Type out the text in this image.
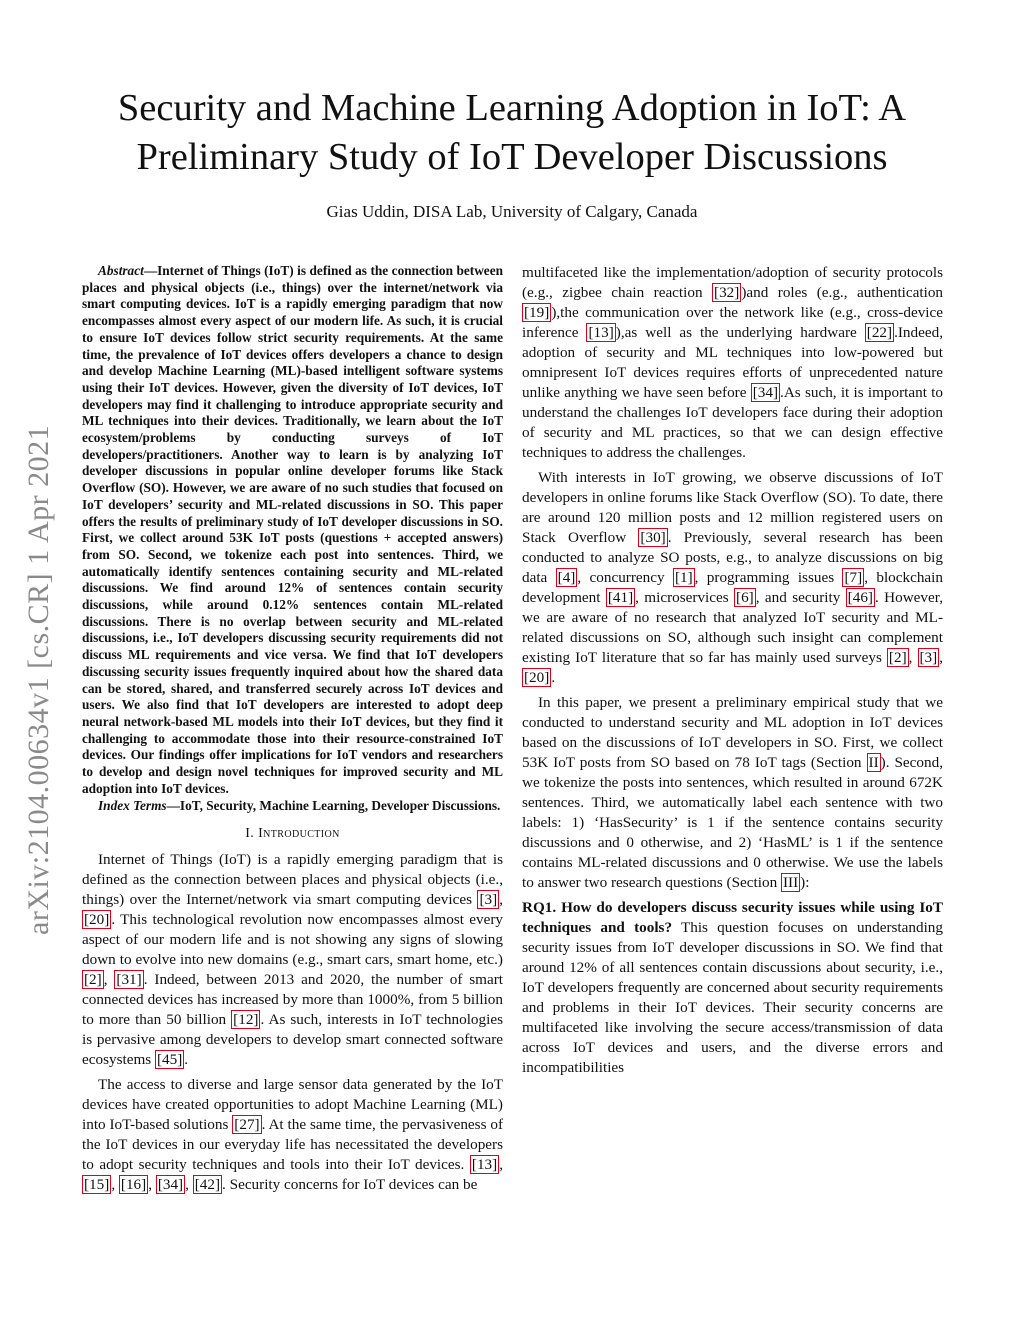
arXiv:2104.00634v1 [cs.CR] 1 Apr 2021
Security and Machine Learning Adoption in IoT: A
Preliminary Study of IoT Developer Discussions
Gias Uddin, DISA Lab, University of Calgary, Canada

Abstract—Internet of Things (IoT) is defined as the connection between places and physical objects (i.e., things) over the internet/network via smart computing devices. IoT is a rapidly emerging paradigm that now encompasses almost every aspect of our modern life. As such, it is crucial to ensure IoT devices follow strict security requirements. At the same time, the prevalence of IoT devices offers developers a chance to design and develop Machine Learning (ML)-based intelligent software systems using their IoT devices. However, given the diversity of IoT devices, IoT developers may find it challenging to introduce appropriate security and ML techniques into their devices. Traditionally, we learn about the IoT ecosystem/problems by conducting surveys of IoT developers/practitioners. Another way to learn is by analyzing IoT developer discussions in popular online developer forums like Stack Overflow (SO). However, we are aware of no such studies that focused on IoT developers’ security and ML-related discussions in SO. This paper offers the results of preliminary study of IoT developer discussions in SO. First, we collect around 53K IoT posts (questions + accepted answers) from SO. Second, we tokenize each post into sentences. Third, we automatically identify sentences containing security and ML-related discussions. We find around 12% of sentences contain security discussions, while around 0.12% sentences contain ML-related discussions. There is no overlap between security and ML-related discussions, i.e., IoT developers discussing security requirements did not discuss ML requirements and vice versa. We find that IoT developers discussing security issues frequently inquired about how the shared data can be stored, shared, and transferred securely across IoT devices and users. We also find that IoT developers are interested to adopt deep neural network-based ML models into their IoT devices, but they find it challenging to accommodate those into their resource-constrained IoT devices. Our findings offer implications for IoT vendors and researchers to develop and design novel techniques for improved security and ML adoption into IoT devices.

Index Terms—IoT, Security, Machine Learning, Developer Discussions.

I. Introduction

Internet of Things (IoT) is a rapidly emerging paradigm that is defined as the connection between places and physical objects (i.e., things) over the Internet/network via smart computing devices [3] , [20] . This technological revolution now encompasses almost every aspect of our modern life and is not showing any signs of slowing down to evolve into new domains (e.g., smart cars, smart home, etc.) [2] , [31] . Indeed, between 2013 and 2020, the number of smart connected devices has increased by more than 1000%, from 5 billion to more than 50 billion [12] . As such, interests in IoT technologies is pervasive among developers to develop smart connected software ecosystems [45] .

The access to diverse and large sensor data generated by the IoT devices have created opportunities to adopt Machine Learning (ML) into IoT-based solutions [27] . At the same time, the pervasiveness of the IoT devices in our everyday life has necessitated the developers to adopt security techniques and tools into their IoT devices. [13] , [15] , [16] , [34] , [42] . Security concerns for IoT devices can be

multifaceted like the implementation/adoption of security protocols (e.g., zigbee chain reaction [32] )and roles (e.g., authentication [19] ),the communication over the network like (e.g., cross-device inference [13] ),as well as the underlying hardware [22] .Indeed, adoption of security and ML techniques into low-powered but omnipresent IoT devices requires efforts of unprecedented nature unlike anything we have seen before [34] .As such, it is important to understand the challenges IoT developers face during their adoption of security and ML practices, so that we can design effective techniques to address the challenges.

With interests in IoT growing, we observe discussions of IoT developers in online forums like Stack Overflow (SO). To date, there are around 120 million posts and 12 million registered users on Stack Overflow [30] . Previously, several research has been conducted to analyze SO posts, e.g., to analyze discussions on big data [4] , concurrency [1] , programming issues [7] , blockchain development [41] , microservices [6] , and security [46] . However, we are aware of no research that analyzed IoT security and ML-related discussions on SO, although such insight can complement existing IoT literature that so far has mainly used surveys [2] , [3] , [20] .

In this paper, we present a preliminary empirical study that we conducted to understand security and ML adoption in IoT devices based on the discussions of IoT developers in SO. First, we collect 53K IoT posts from SO based on 78 IoT tags (Section II ). Second, we tokenize the posts into sentences, which resulted in around 672K sentences. Third, we automatically label each sentence with two labels: 1) ‘HasSecurity’ is 1 if the sentence contains security discussions and 0 otherwise, and 2) ‘HasML’ is 1 if the sentence contains ML-related discussions and 0 otherwise. We use the labels to answer two research questions (Section III ):

RQ1. How do developers discuss security issues while using IoT techniques and tools? This question focuses on understanding security issues from IoT developer discussions in SO. We find that around 12% of all sentences contain discussions about security, i.e., IoT developers frequently are concerned about security requirements and problems in their IoT devices. Their security concerns are multifaceted like involving the secure access/transmission of data across IoT devices and users, and the diverse errors and incompatibilities
